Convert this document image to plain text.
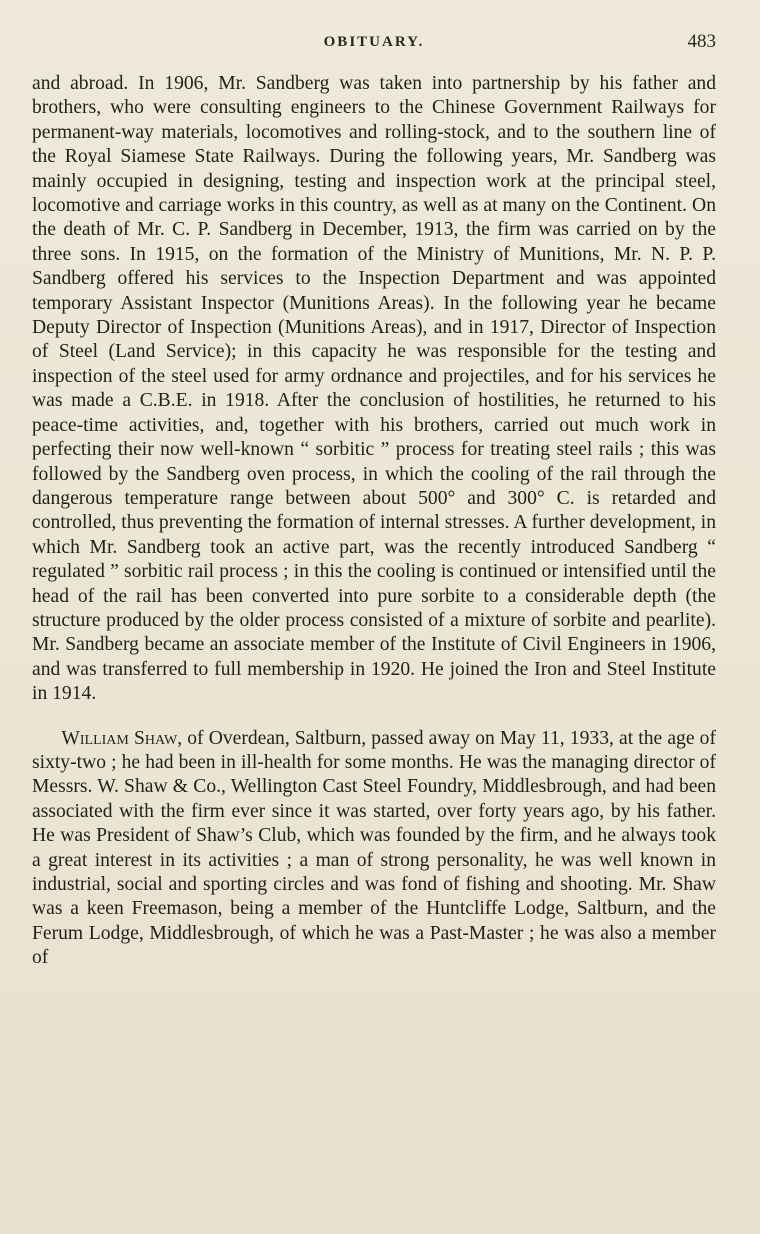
OBITUARY.	483

and abroad. In 1906, Mr. Sandberg was taken into partnership by his father and brothers, who were consulting engineers to the Chinese Government Railways for permanent-way materials, locomotives and rolling-stock, and to the southern line of the Royal Siamese State Railways. During the following years, Mr. Sandberg was mainly occupied in designing, testing and inspection work at the principal steel, locomotive and carriage works in this country, as well as at many on the Continent. On the death of Mr. C. P. Sandberg in December, 1913, the firm was carried on by the three sons. In 1915, on the formation of the Ministry of Munitions, Mr. N. P. P. Sandberg offered his services to the Inspection Department and was appointed temporary Assistant Inspector (Munitions Areas). In the following year he became Deputy Director of Inspection (Munitions Areas), and in 1917, Director of Inspection of Steel (Land Service); in this capacity he was responsible for the testing and inspection of the steel used for army ordnance and projectiles, and for his services he was made a C.B.E. in 1918. After the conclusion of hostilities, he returned to his peace-time activities, and, together with his brothers, carried out much work in perfecting their now well-known “ sorbitic ” process for treating steel rails ; this was followed by the Sandberg oven process, in which the cooling of the rail through the dangerous temperature range between about 500° and 300° C. is retarded and controlled, thus preventing the formation of internal stresses. A further development, in which Mr. Sandberg took an active part, was the recently introduced Sandberg “ regulated ” sorbitic rail process ; in this the cooling is continued or intensified until the head of the rail has been converted into pure sorbite to a considerable depth (the structure produced by the older process consisted of a mixture of sorbite and pearlite). Mr. Sandberg became an associate member of the Institute of Civil Engineers in 1906, and was transferred to full membership in 1920. He joined the Iron and Steel Institute in 1914.

William Shaw, of Overdean, Saltburn, passed away on May 11, 1933, at the age of sixty-two ; he had been in ill-health for some months. He was the managing director of Messrs. W. Shaw & Co., Wellington Cast Steel Foundry, Middlesbrough, and had been associated with the firm ever since it was started, over forty years ago, by his father. He was President of Shaw’s Club, which was founded by the firm, and he always took a great interest in its activities ; a man of strong personality, he was well known in industrial, social and sporting circles and was fond of fishing and shooting. Mr. Shaw was a keen Freemason, being a member of the Huntcliffe Lodge, Saltburn, and the Ferum Lodge, Middlesbrough, of which he was a Past-Master ; he was also a member of
